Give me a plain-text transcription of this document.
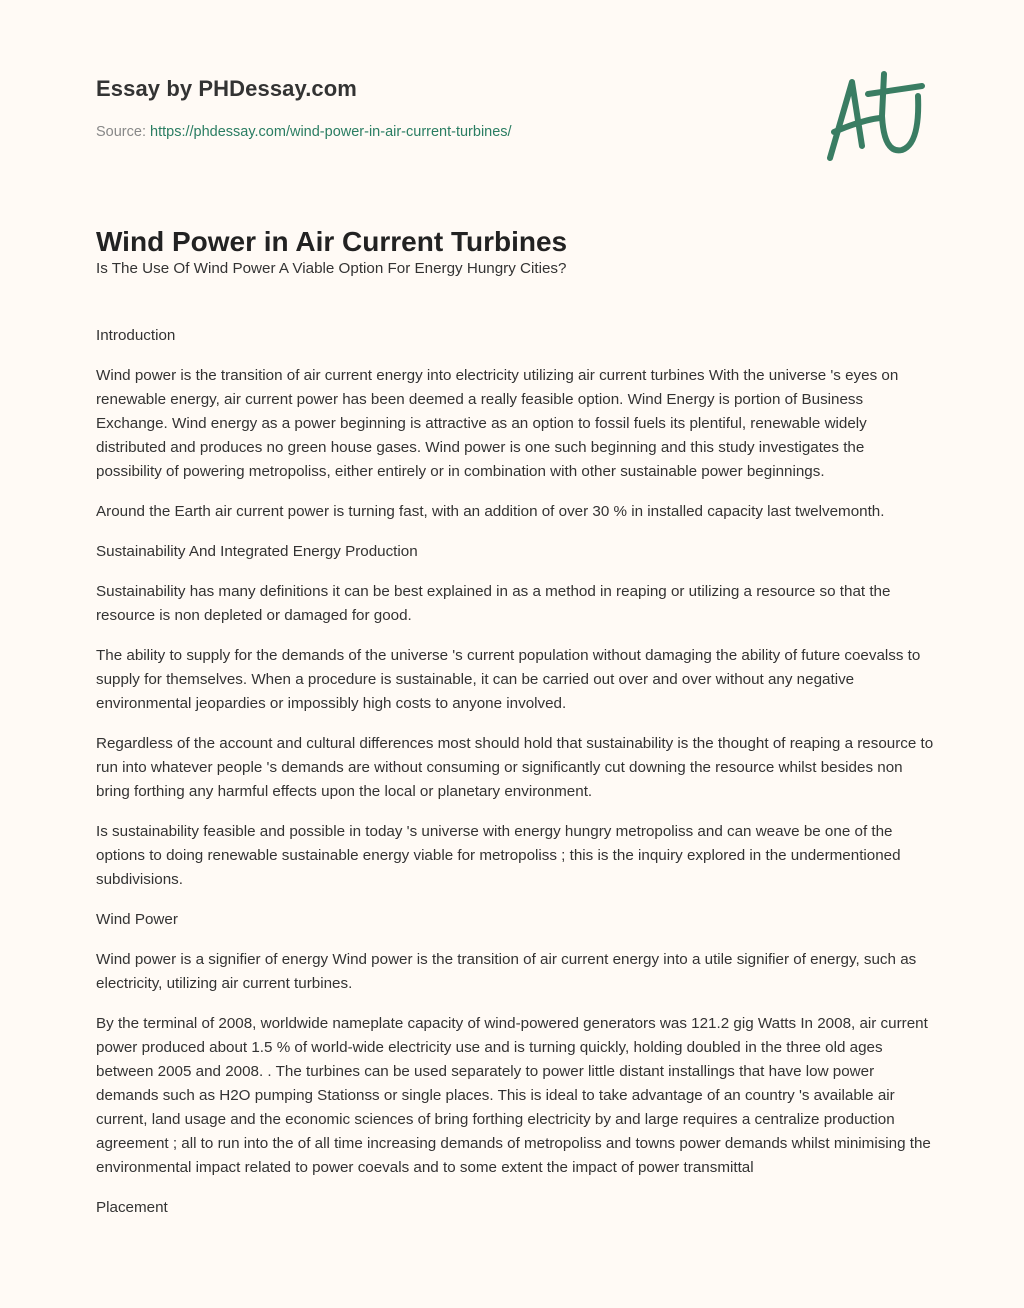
Essay by PHDessay.com
Source: https://phdessay.com/wind-power-in-air-current-turbines/
Wind Power in Air Current Turbines

Is The Use Of Wind Power A Viable Option For Energy Hungry Cities?

Introduction

Wind power is the transition of air current energy into electricity utilizing air current turbines With the universe 's eyes on renewable energy, air current power has been deemed a really feasible option. Wind Energy is portion of Business Exchange. Wind energy as a power beginning is attractive as an option to fossil fuels its plentiful, renewable widely distributed and produces no green house gases. Wind power is one such beginning and this study investigates the possibility of powering metropoliss, either entirely or in combination with other sustainable power beginnings.

Around the Earth air current power is turning fast, with an addition of over 30 % in installed capacity last twelvemonth.

Sustainability And Integrated Energy Production

Sustainability has many definitions it can be best explained in as a method in reaping or utilizing a resource so that the resource is non depleted or damaged for good.

The ability to supply for the demands of the universe 's current population without damaging the ability of future coevalss to supply for themselves. When a procedure is sustainable, it can be carried out over and over without any negative environmental jeopardies or impossibly high costs to anyone involved.

Regardless of the account and cultural differences most should hold that sustainability is the thought of reaping a resource to run into whatever people 's demands are without consuming or significantly cut downing the resource whilst besides non bring forthing any harmful effects upon the local or planetary environment.

Is sustainability feasible and possible in today 's universe with energy hungry metropoliss and can weave be one of the options to doing renewable sustainable energy viable for metropoliss ; this is the inquiry explored in the undermentioned subdivisions.

Wind Power

Wind power is a signifier of energy Wind power is the transition of air current energy into a utile signifier of energy, such as electricity, utilizing air current turbines.

By the terminal of 2008, worldwide nameplate capacity of wind-powered generators was 121.2 gig Watts In 2008, air current power produced about 1.5 % of world-wide electricity use and is turning quickly, holding doubled in the three old ages between 2005 and 2008. . The turbines can be used separately to power little distant installings that have low power demands such as H2O pumping Stationss or single places. This is ideal to take advantage of an country 's available air current, land usage and the economic sciences of bring forthing electricity by and large requires a centralize production agreement ; all to run into the of all time increasing demands of metropoliss and towns power demands whilst minimising the environmental impact related to power coevals and to some extent the impact of power transmittal

Placement
